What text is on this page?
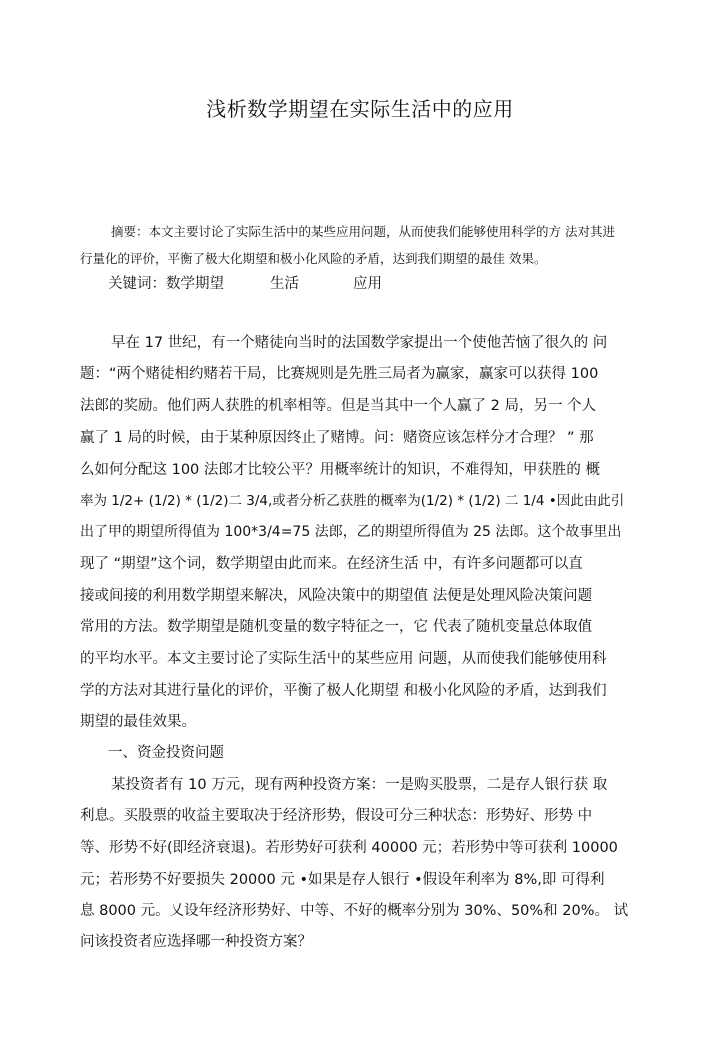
浅析数学期望在实际生活中的应用
摘要：本文主要讨论了实际生活中的某些应用问题，从而使我们能够使用科学的方 法对其进
行量化的评价，平衡了极大化期望和极小化风险的矛盾，达到我们期望的最佳 效果。
关键词：数学期望	生活	应用
早在 17 世纪，有一个赌徒向当时的法国数学家提出一个使他苦恼了很久的 问
题：“两个赌徒相约赌若干局，比赛规则是先胜三局者为赢家，赢家可以获得 100
法郎的奖励。他们两人获胜的机率相等。但是当其中一个人赢了 2 局，另一 个人
赢了 1 局的时候，由于某种原因终止了赌博。问：赌资应该怎样分才合理？ ” 那
么如何分配这 100 法郎才比较公平？用概率统计的知识，不难得知，甲获胜的 概
率为 1/2+ (1/2) * (1/2)二 3/4,或者分析乙获胜的概率为(1/2) * (1/2) 二 1/4 •因此由此引
出了甲的期望所得值为 100*3/4=75 法郎，乙的期望所得值为 25 法郎。这个故事里出
现了 “期望”这个词，数学期望由此而来。在经济生活 中，有许多问题都可以直
接或间接的利用数学期望来解决，风险决策中的期望值 法便是处理风险决策问题
常用的方法。数学期望是随机变量的数字特征之一，它 代表了随机变量总体取值
的平均水平。本文主要讨论了实际生活屮的某些应用 问题，从而使我们能够使用科
学的方法对其进行量化的评价，平衡了极人化期望 和极小化风险的矛盾，达到我们
期望的最佳效果。
一、资金投资问题
某投资者有 10 万元，现有两种投资方案：一是购买股票，二是存人银行获 取
利息。买股票的收益主要取决于经济形势，假设可分三种状态：形势好、形势 中
等、形势不好(即经济衰退)。若形势好可获利 40000 元；若形势中等可获利 10000
元；若形势不好要损失 20000 元 •如果是存人银行 •假设年利率为 8%,即 可得利
息 8000 元。乂设年经济形势好、中等、不好的概率分别为 30%、50%和 20%。 试
问该投资者应选择哪一种投资方案？
